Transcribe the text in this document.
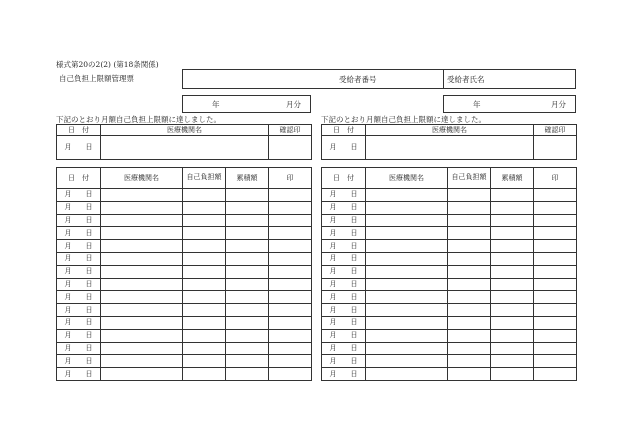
様式第20の2(2) (第18条関係)
自己負担上限額管理票	受給者番号	受給者氏名
年	月分	年	月分
下記のとおり月額自己負担上限額に達しました。	下記のとおり月額自己負担上限額に達しました。
日　付	医療機関名	確認印

月 日		

日　付	医療機関名	確認印

月 日		

日　付	医療機関名	自己負担額	累積額	印

月 日				

月 日				

月 日				

月 日				

月 日				

月 日				

月 日				

月 日				

月 日				

月 日				

月 日				

月 日				

月 日				

月 日				

月 日				

日　付	医療機関名	自己負担額	累積額	印

月 日				

月 日				

月 日				

月 日				

月 日				

月 日				

月 日				

月 日				

月 日				

月 日				

月 日				

月 日				

月 日				

月 日				

月 日				
